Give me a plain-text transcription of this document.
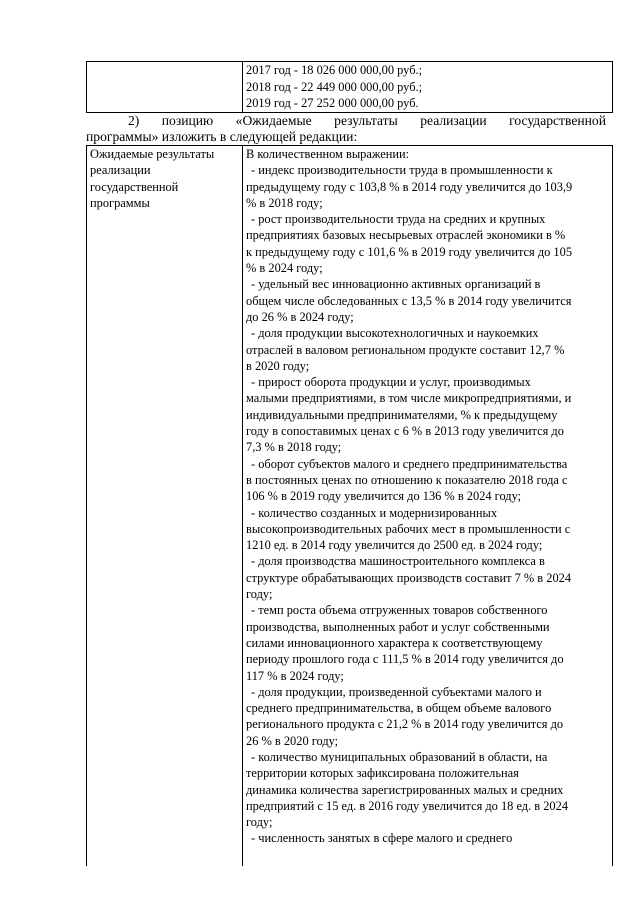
2017 год - 18 026 000 000,00 руб.;
2018 год - 22 449 000 000,00 руб.;
2019 год - 27 252 000 000,00 руб.
2) позицию «Ожидаемые результаты реализации государственной
программы» изложить в следующей редакции:
Ожидаемые результаты
реализации
государственной
программы

В количественном выражении:
- индекс производительности труда в промышленности к
предыдущему году с 103,8 % в 2014 году увеличится до 103,9
% в 2018 году;
- рост производительности труда на средних и крупных
предприятиях базовых несырьевых отраслей экономики в %
к предыдущему году с 101,6 % в 2019 году увеличится до 105
% в 2024 году;
- удельный вес инновационно активных организаций в
общем числе обследованных с 13,5 % в 2014 году увеличится
до 26 % в 2024 году;
- доля продукции высокотехнологичных и наукоемких
отраслей в валовом региональном продукте составит 12,7 %
в 2020 году;
- прирост оборота продукции и услуг, производимых
малыми предприятиями, в том числе микропредприятиями, и
индивидуальными предпринимателями, % к предыдущему
году в сопоставимых ценах с 6 % в 2013 году увеличится до
7,3 % в 2018 году;
- оборот субъектов малого и среднего предпринимательства
в постоянных ценах по отношению к показателю 2018 года с
106 % в 2019 году увеличится до 136 % в 2024 году;
- количество созданных и модернизированных
высокопроизводительных рабочих мест в промышленности с
1210 ед. в 2014 году увеличится до 2500 ед. в 2024 году;
- доля производства машиностроительного комплекса в
структуре обрабатывающих производств составит 7 % в 2024
году;
- темп роста объема отгруженных товаров собственного
производства, выполненных работ и услуг собственными
силами инновационного характера к соответствующему
периоду прошлого года с 111,5 % в 2014 году увеличится до
117 % в 2024 году;
- доля продукции, произведенной субъектами малого и
среднего предпринимательства, в общем объеме валового
регионального продукта с 21,2 % в 2014 году увеличится до
26 % в 2020 году;
- количество муниципальных образований в области, на
территории которых зафиксирована положительная
динамика количества зарегистрированных малых и средних
предприятий с 15 ед. в 2016 году увеличится до 18 ед. в 2024
году;
- численность занятых в сфере малого и среднего
